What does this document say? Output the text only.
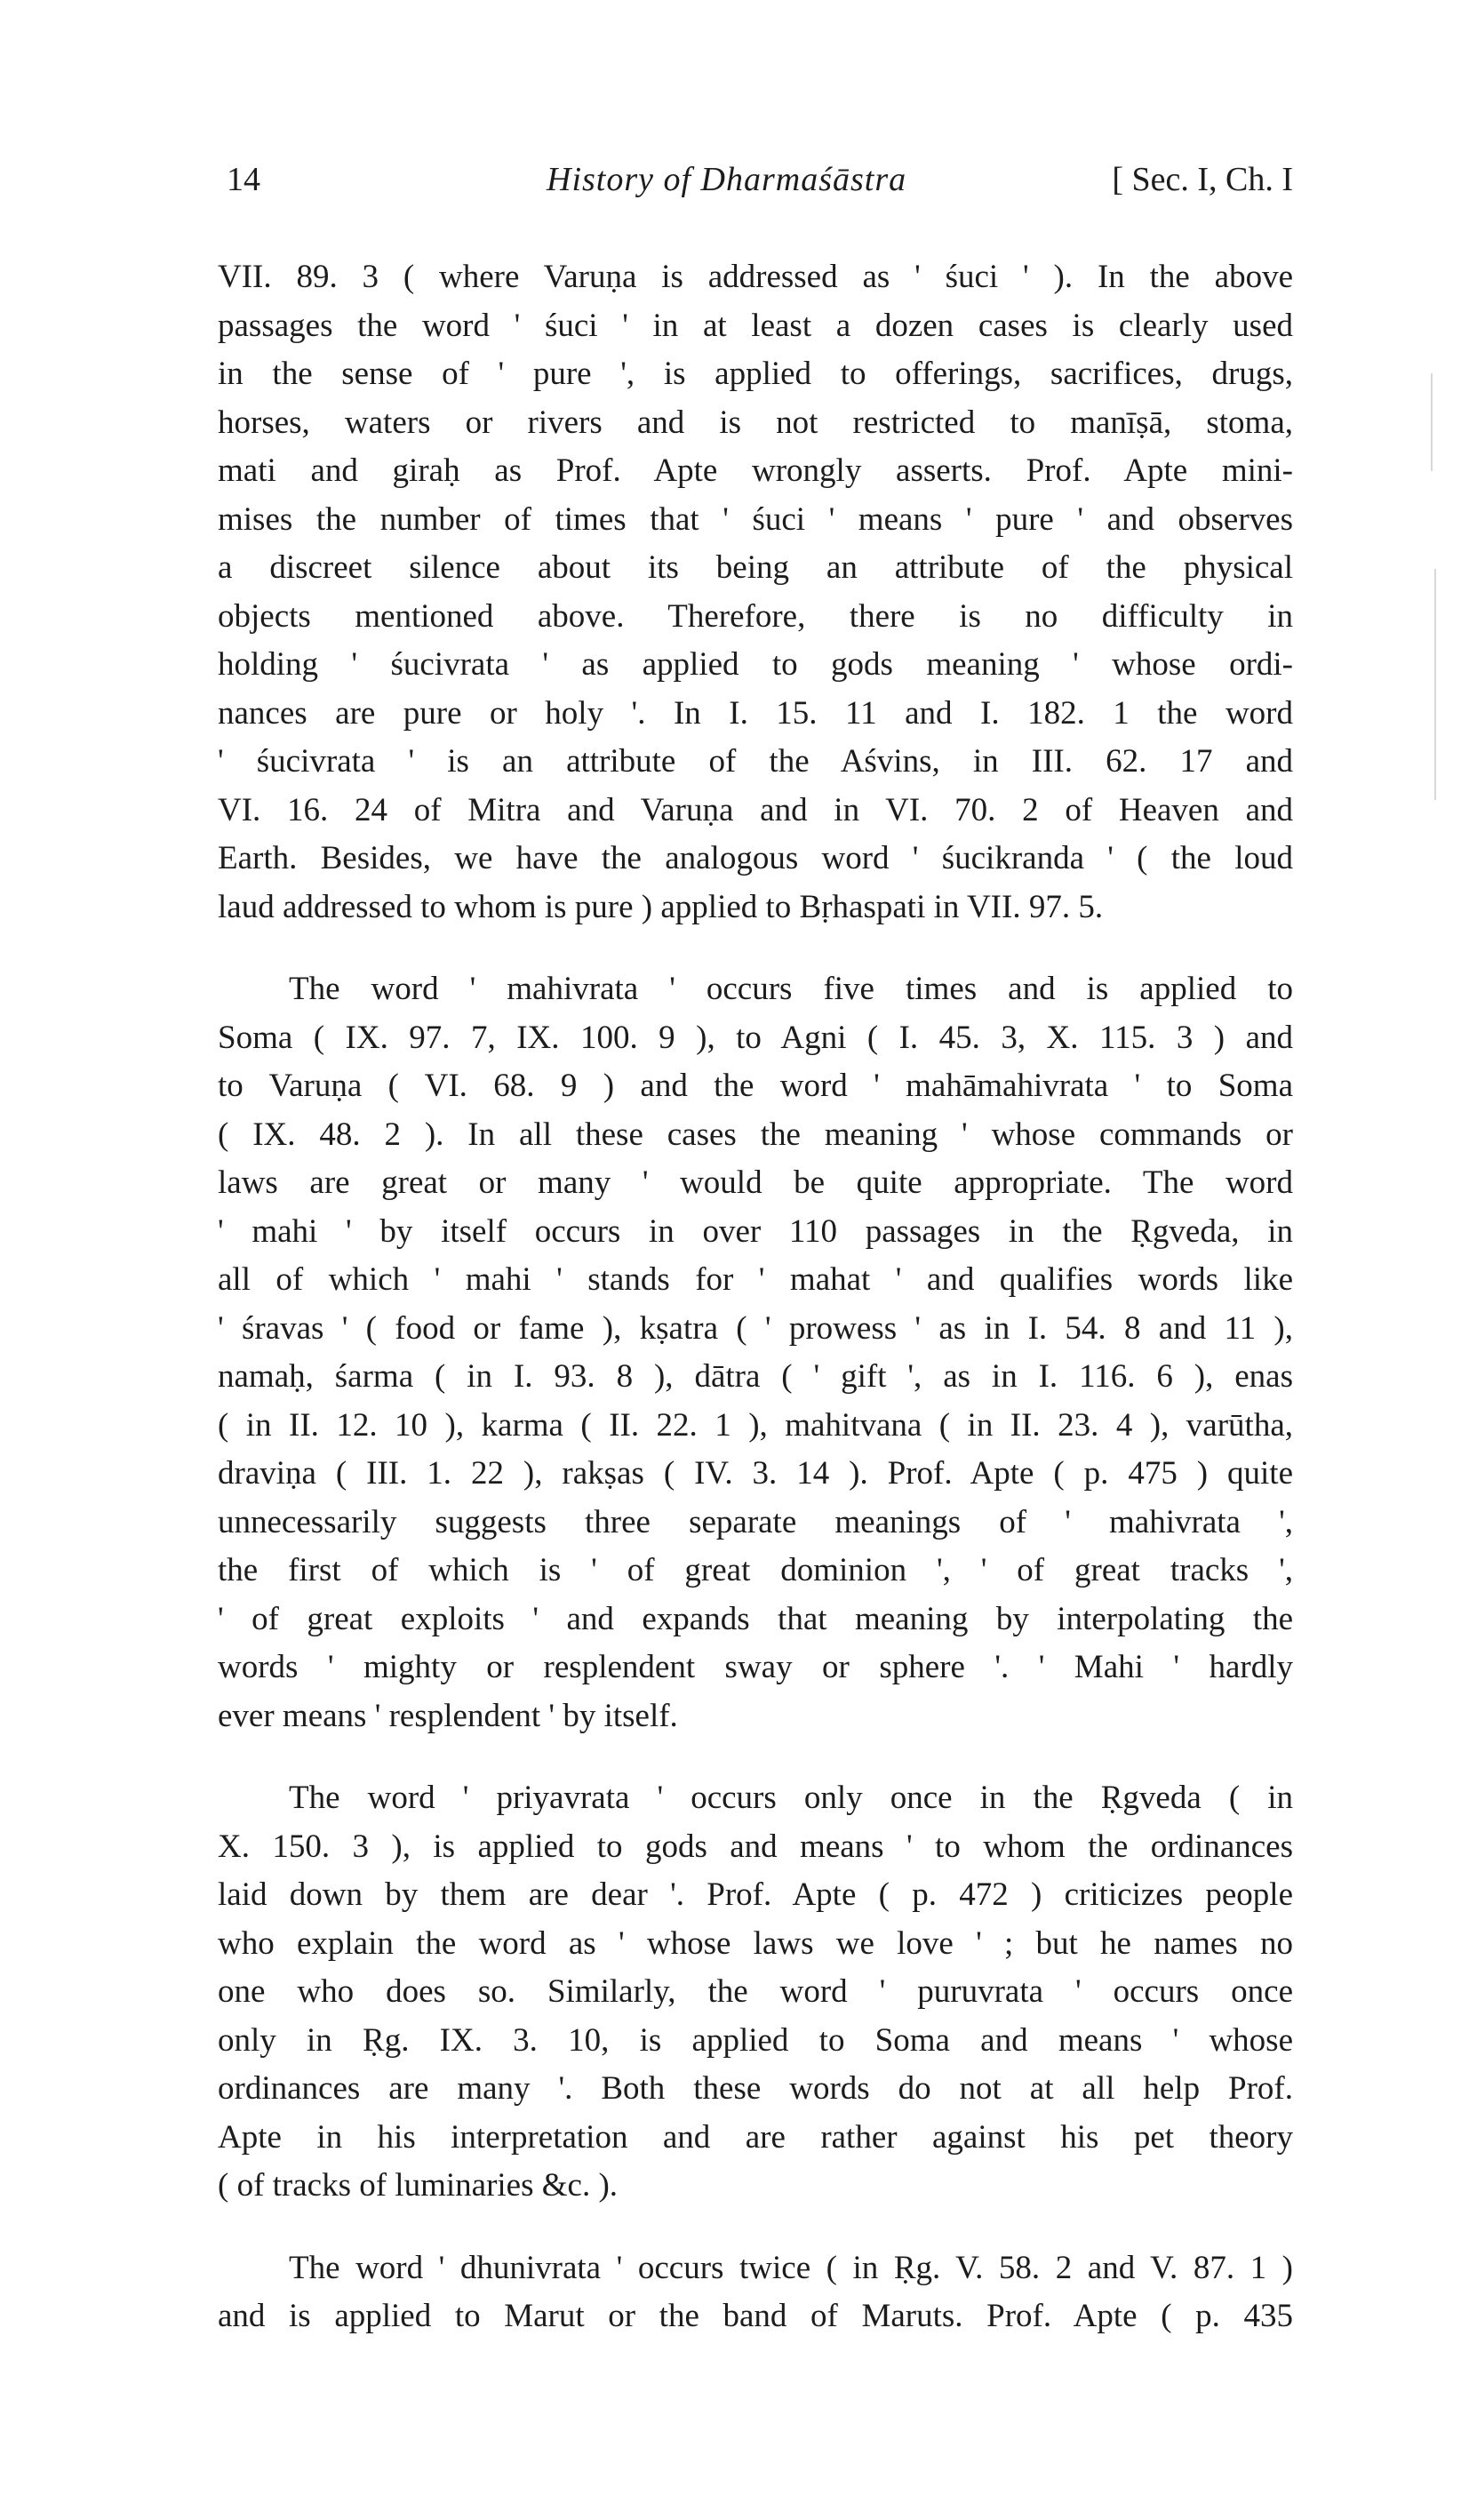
14	History of Dharmaśāstra	[ Sec. I, Ch. I
VII. 89. 3 ( where Varuṇa is addressed as ' śuci ' ). In the above
passages the word ' śuci ' in at least a dozen cases is clearly used
in the sense of ' pure ', is applied to offerings, sacrifices, drugs,
horses, waters or rivers and is not restricted to manīṣā, stoma,
mati and giraḥ as Prof. Apte wrongly asserts. Prof. Apte mini-
mises the number of times that ' śuci ' means ' pure ' and observes
a discreet silence about its being an attribute of the physical
objects mentioned above. Therefore, there is no difficulty in
holding ' śucivrata ' as applied to gods meaning ' whose ordi-
nances are pure or holy '. In I. 15. 11 and I. 182. 1 the word
' śucivrata ' is an attribute of the Aśvins, in III. 62. 17 and
VI. 16. 24 of Mitra and Varuṇa and in VI. 70. 2 of Heaven and
Earth. Besides, we have the analogous word ' śucikranda ' ( the loud
laud addressed to whom is pure ) applied to Bṛhaspati in VII. 97. 5.
The word ' mahivrata ' occurs five times and is applied to
Soma ( IX. 97. 7, IX. 100. 9 ), to Agni ( I. 45. 3, X. 115. 3 ) and
to Varuṇa ( VI. 68. 9 ) and the word ' mahāmahivrata ' to Soma
( IX. 48. 2 ). In all these cases the meaning ' whose commands or
laws are great or many ' would be quite appropriate. The word
' mahi ' by itself occurs in over 110 passages in the Ṛgveda, in
all of which ' mahi ' stands for ' mahat ' and qualifies words like
' śravas ' ( food or fame ), kṣatra ( ' prowess ' as in I. 54. 8 and 11 ),
namaḥ, śarma ( in I. 93. 8 ), dātra ( ' gift ', as in I. 116. 6 ), enas
( in II. 12. 10 ), karma ( II. 22. 1 ), mahitvana ( in II. 23. 4 ), varūtha,
draviṇa ( III. 1. 22 ), rakṣas ( IV. 3. 14 ). Prof. Apte ( p. 475 ) quite
unnecessarily suggests three separate meanings of ' mahivrata ',
the first of which is ' of great dominion ', ' of great tracks ',
' of great exploits ' and expands that meaning by interpolating the
words ' mighty or resplendent sway or sphere '. ' Mahi ' hardly
ever means ' resplendent ' by itself.
The word ' priyavrata ' occurs only once in the Ṛgveda ( in
X. 150. 3 ), is applied to gods and means ' to whom the ordinances
laid down by them are dear '. Prof. Apte ( p. 472 ) criticizes people
who explain the word as ' whose laws we love ' ; but he names no
one who does so. Similarly, the word ' puruvrata ' occurs once
only in Ṛg. IX. 3. 10, is applied to Soma and means ' whose
ordinances are many '. Both these words do not at all help Prof.
Apte in his interpretation and are rather against his pet theory
( of tracks of luminaries &c. ).
The word ' dhunivrata ' occurs twice ( in Ṛg. V. 58. 2 and V. 87. 1 )
and is applied to Marut or the band of Maruts. Prof. Apte ( p. 435
